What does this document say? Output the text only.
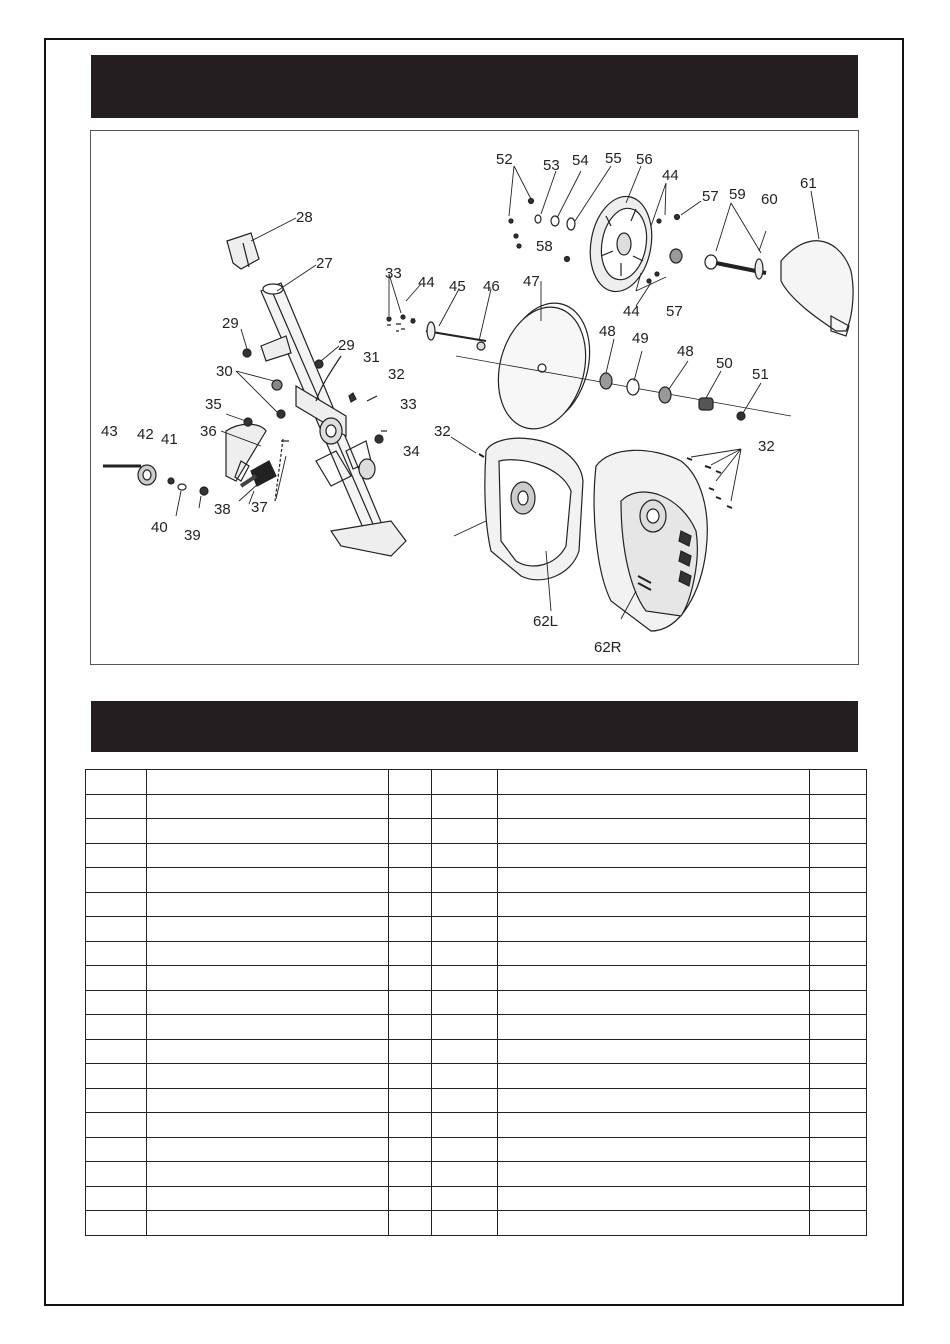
52 53 54 55 56
44
57 59 60
61
28
27
33
44 45 46 47
58
29
29
31
32
30
35	33
36
34
43 42 41	32
48 49
48
50
51
44 57
32
40 39
38 37
62L
62R
